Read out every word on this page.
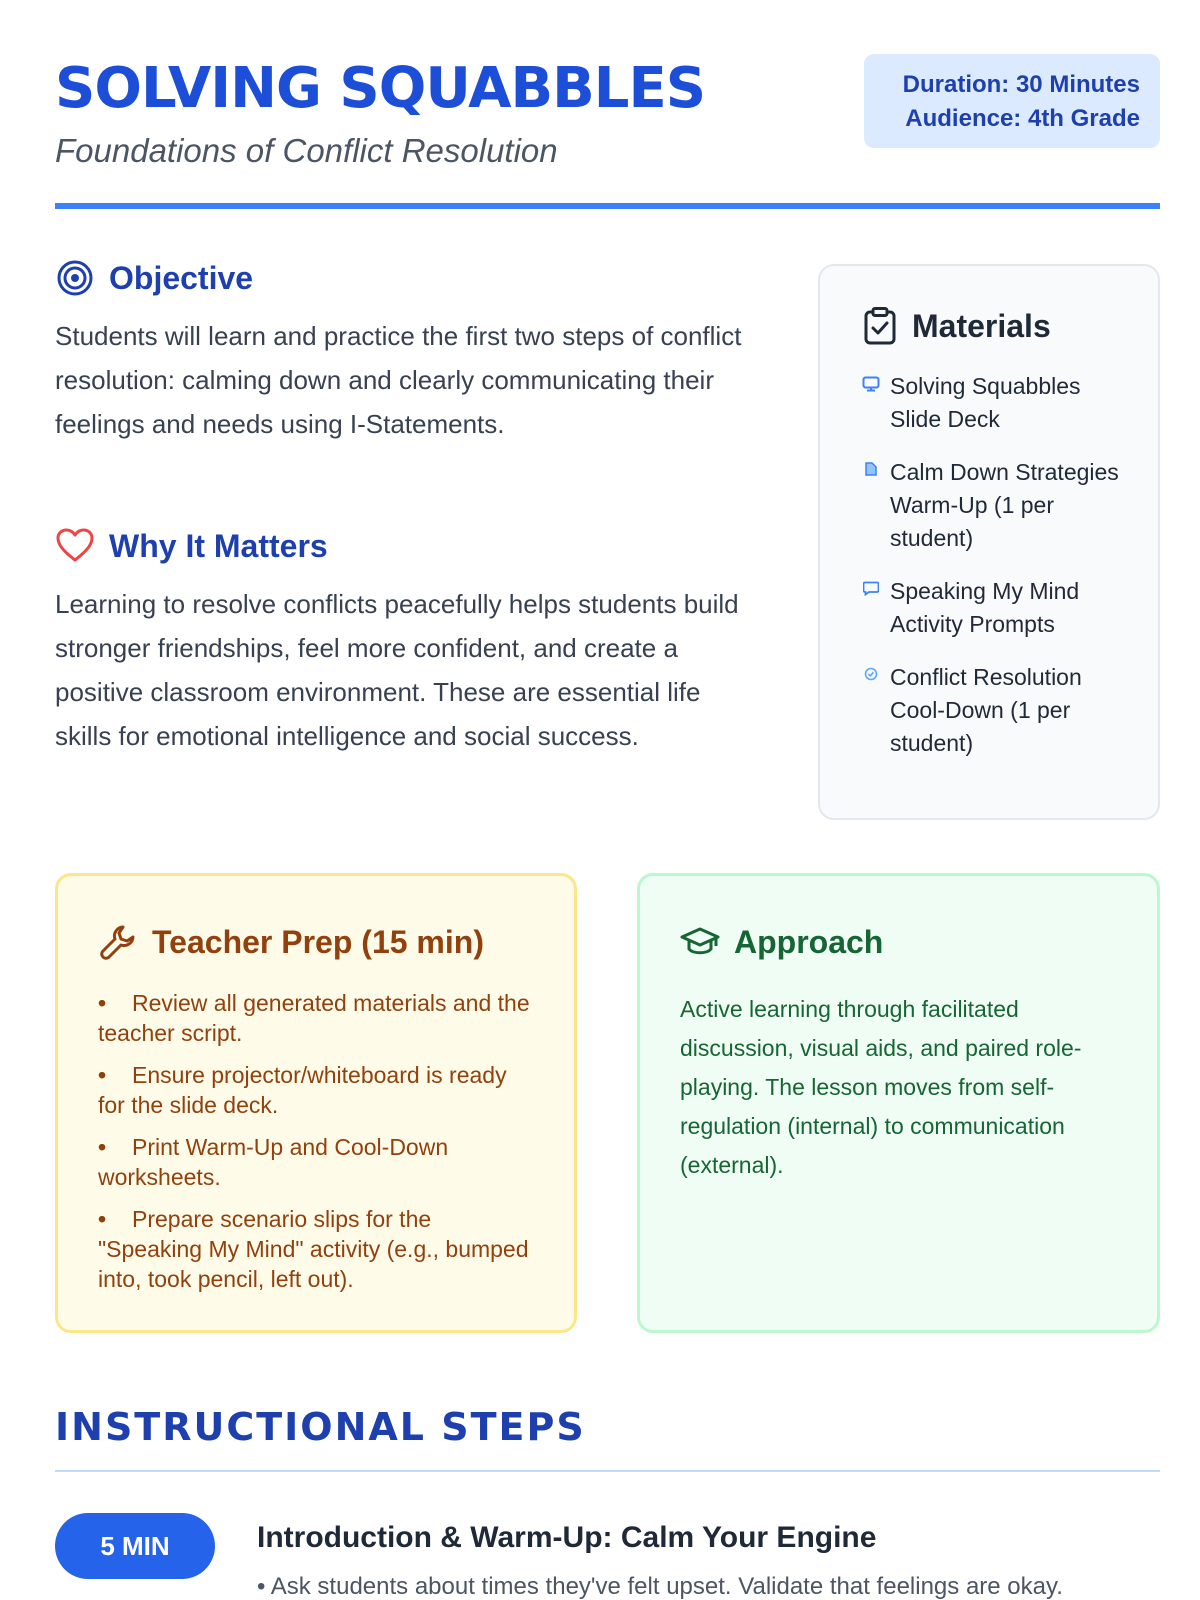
SOLVING SQUABBLES
Foundations of Conflict Resolution
Duration: 30 Minutes
Audience: 4th Grade
Objective

Students will learn and practice the first two steps of conflict resolution: calming down and clearly communicating their feelings and needs using I-Statements.

Why It Matters

Learning to resolve conflicts peacefully helps students build stronger friendships, feel more confident, and create a positive classroom environment. These are essential life skills for emotional intelligence and social success.

Materials
Solving Squabbles Slide Deck
Calm Down Strategies Warm-Up (1 per student)
Speaking My Mind Activity Prompts
Conflict Resolution Cool-Down (1 per student)
Teacher Prep (15 min)
• Review all generated materials and the teacher script.
• Ensure projector/whiteboard is ready for the slide deck.
• Print Warm-Up and Cool-Down worksheets.
• Prepare scenario slips for the "Speaking My Mind" activity (e.g., bumped into, took pencil, left out).
Approach

Active learning through facilitated discussion, visual aids, and paired role-playing. The lesson moves from self-regulation (internal) to communication (external).

INSTRUCTIONAL STEPS
5 MIN	Introduction & Warm-Up: Calm Your Engine
• Ask students about times they've felt upset. Validate that feelings are okay.
